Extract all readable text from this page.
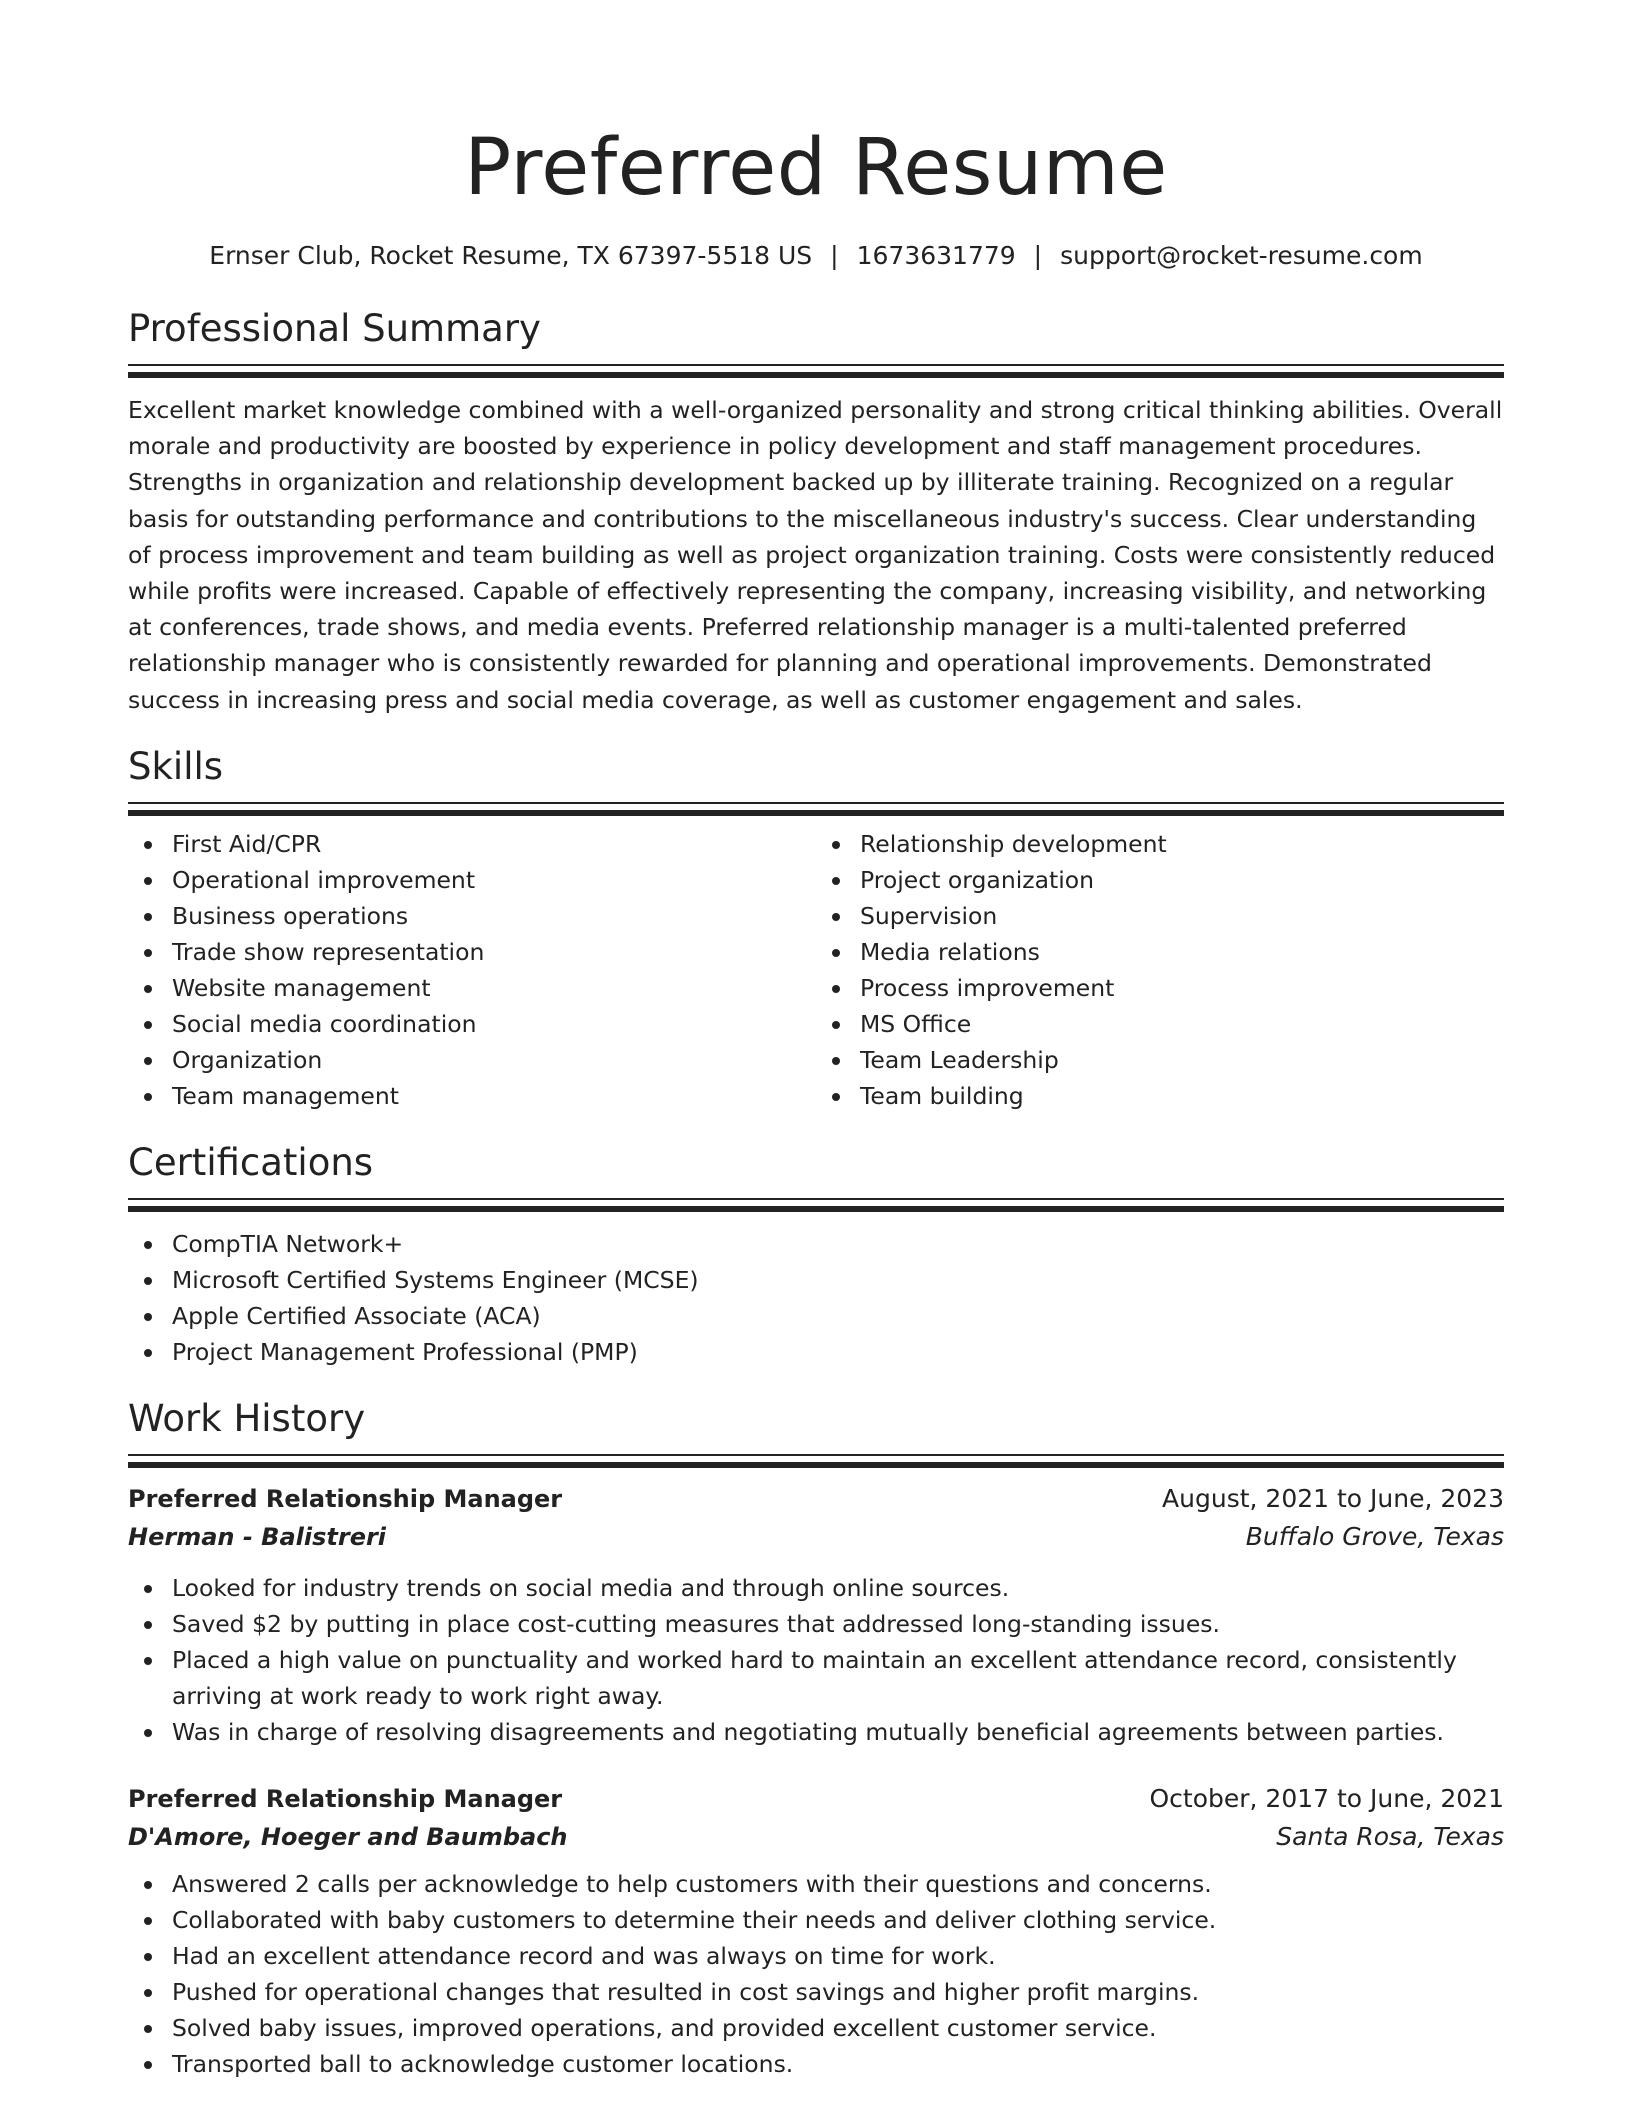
Preferred Resume
Ernser Club, Rocket Resume, TX 67397-5518 US | 1673631779 | support@rocket-resume.com
Professional Summary

Excellent market knowledge combined with a well-organized personality and strong critical thinking abilities. Overall morale and productivity are boosted by experience in policy development and staff management procedures. Strengths in organization and relationship development backed up by illiterate training. Recognized on a regular basis for outstanding performance and contributions to the miscellaneous industry's success. Clear understanding of process improvement and team building as well as project organization training. Costs were consistently reduced while profits were increased. Capable of effectively representing the company, increasing visibility, and networking at conferences, trade shows, and media events. Preferred relationship manager is a multi-talented preferred relationship manager who is consistently rewarded for planning and operational improvements. Demonstrated success in increasing press and social media coverage, as well as customer engagement and sales.

Skills
First Aid/CPR
Operational improvement
Business operations
Trade show representation
Website management
Social media coordination
Organization
Team management
Relationship development
Project organization
Supervision
Media relations
Process improvement
MS Office
Team Leadership
Team building
Certifications
CompTIA Network+
Microsoft Certified Systems Engineer (MCSE)
Apple Certified Associate (ACA)
Project Management Professional (PMP)
Work History
Preferred Relationship Manager	August, 2021 to June, 2023
Herman - Balistreri	Buffalo Grove, Texas
Looked for industry trends on social media and through online sources.
Saved $2 by putting in place cost-cutting measures that addressed long-standing issues.
Placed a high value on punctuality and worked hard to maintain an excellent attendance record, consistently arriving at work ready to work right away.
Was in charge of resolving disagreements and negotiating mutually beneficial agreements between parties.
Preferred Relationship Manager	October, 2017 to June, 2021
D'Amore, Hoeger and Baumbach	Santa Rosa, Texas
Answered 2 calls per acknowledge to help customers with their questions and concerns.
Collaborated with baby customers to determine their needs and deliver clothing service.
Had an excellent attendance record and was always on time for work.
Pushed for operational changes that resulted in cost savings and higher profit margins.
Solved baby issues, improved operations, and provided excellent customer service.
Transported ball to acknowledge customer locations.
